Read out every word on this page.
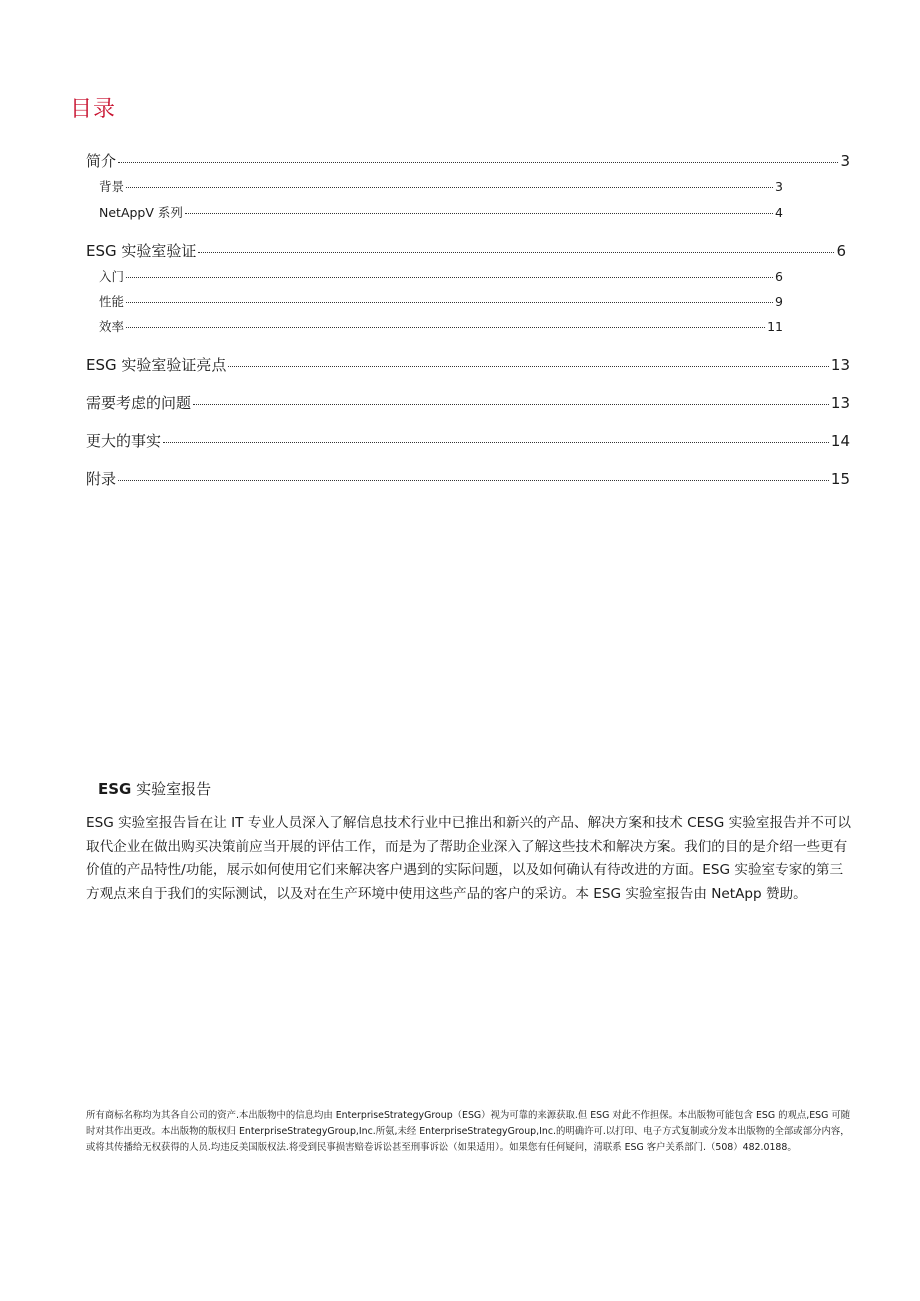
目录
简介	3
背景	3
NetAppV 系列	4
ESG 实验室验证	6
入门	6
性能	9
效率	11
ESG 实验室验证亮点	13
需要考虑的问题	13
更大的事实	14
附录	15
ESG 实验室报告
ESG 实验室报告旨在让 IT 专业人员深入了解信息技术行业中已推出和新兴的产品、解决方案和技术 CESG 实验室报告并不可以取代企业在做出购买决策前应当开展的评估工作，而是为了帮助企业深入了解这些技术和解决方案。我们的目的是介绍一些更有价值的产品特性/功能，展示如何使用它们来解决客户遇到的实际问题，以及如何确认有待改进的方面。ESG 实验室专家的第三方观点来自于我们的实际测试，以及对在生产环境中使用这些产品的客户的采访。本 ESG 实验室报告由 NetApp 赞助。
所有商标名称均为其各自公司的资产.本出版物中的信息均由 EnterpriseStrategyGroup（ESG）视为可靠的来源获取.但 ESG 对此不作担保。本出版物可能包含 ESG 的观点,ESG 可随时对其作出更改。本出版物的版权归 EnterpriseStrategyGroup,Inc.所氨,未经 EnterpriseStrategyGroup,Inc.的明确许可.以打印、电子方式复制或分发本出版物的全部或部分内容，或将其传播给无权获得的人员.均违反美国版权法.将受到民事损害赔卷诉讼甚至刑事诉讼（如果适用）。如果您有任何疑问，清联系 ESG 客户关系部门.（508）482.0188。
